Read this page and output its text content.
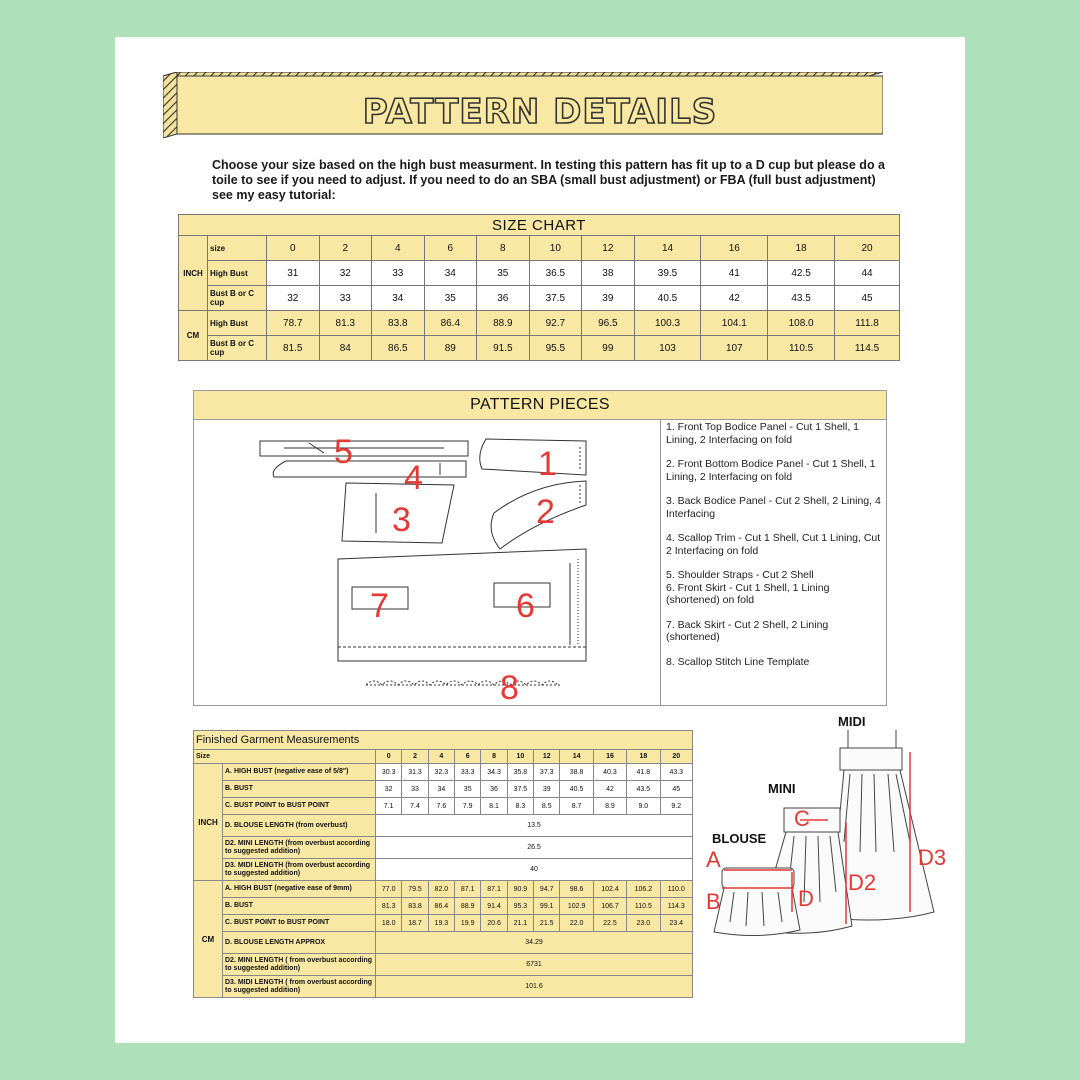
PATTERN DETAILS
Choose your size based on the high bust measurment. In testing this pattern has fit up to a D cup but please do a toile to see if you need to adjust. If you need to do an SBA (small bust adjustment) or FBA (full bust adjustment) see my easy tutorial:
SIZE CHART												
INCH	size	0	2	4	6	8	10	12	14	16	18	20
	High Bust	31	32	33	34	35	36.5	38	39.5	41	42.5	44
	Bust B or C cup	32	33	34	35	36	37.5	39	40.5	42	43.5	45
CM	High Bust	78.7	81.3	83.8	86.4	88.9	92.7	96.5	100.3	104.1	108.0	111.8
	Bust B or C cup	81.5	84	86.5	89	91.5	95.5	99	103	107	110.5	114.5
PATTERN PIECES
5
4	1
3	2
7	6
8
1. Front Top Bodice Panel - Cut 1 Shell, 1 Lining, 2 Interfacing on fold
2. Front Bottom Bodice Panel - Cut 1 Shell, 1 Lining, 2 Interfacing on fold
3. Back Bodice Panel - Cut 2 Shell, 2 Lining, 4 Interfacing
4. Scallop Trim - Cut 1 Shell, Cut 1 Lining, Cut 2 Interfacing on fold
5. Shoulder Straps - Cut 2 Shell
6. Front Skirt - Cut 1 Shell, 1 Lining (shortened) on fold
7. Back Skirt - Cut 2 Shell, 2 Lining (shortened)
8. Scallop Stitch Line Template
Finished Garment Measurements												
Size		0	2	4	6	8	10	12	14	16	18	20
INCH	A. HIGH BUST (negative ease of 5/8")	30.3	31.3	32.3	33.3	34.3	35.8	37.3	38.8	40.3	41.8	43.3
	B. BUST	32	33	34	35	36	37.5	39	40.5	42	43.5	45
	C. BUST POINT to BUST POINT	7.1	7.4	7.6	7.9	8.1	8.3	8.5	8.7	8.9	9.0	9.2
	D. BLOUSE LENGTH (from overbust)	13.5										
	D2. MINI LENGTH (from overbust according to suggested addition)	26.5										
	D3. MIDI LENGTH (from overbust according to suggested addition)	40										
CM	A. HIGH BUST (negative ease of 9mm)	77.0	79.5	82.0	87.1	87.1	90.9	94.7	98.6	102.4	106.2	110.0
	B. BUST	81.3	83.8	86.4	88.9	91.4	95.3	99.1	102.9	106.7	110.5	114.3
	C. BUST POINT to BUST POINT	18.0	18.7	19.3	19.9	20.6	21.1	21.5	22.0	22.5	23.0	23.4
	D. BLOUSE LENGTH APPROX	34.29										
	D2. MINI LENGTH ( from overbust according to suggested addition)	6731										
	D3. MIDI LENGTH ( from overbust according to suggested addition)	101.6										
MIDI
MINI
BLOUSE
A
B
C
D
D2
D3
